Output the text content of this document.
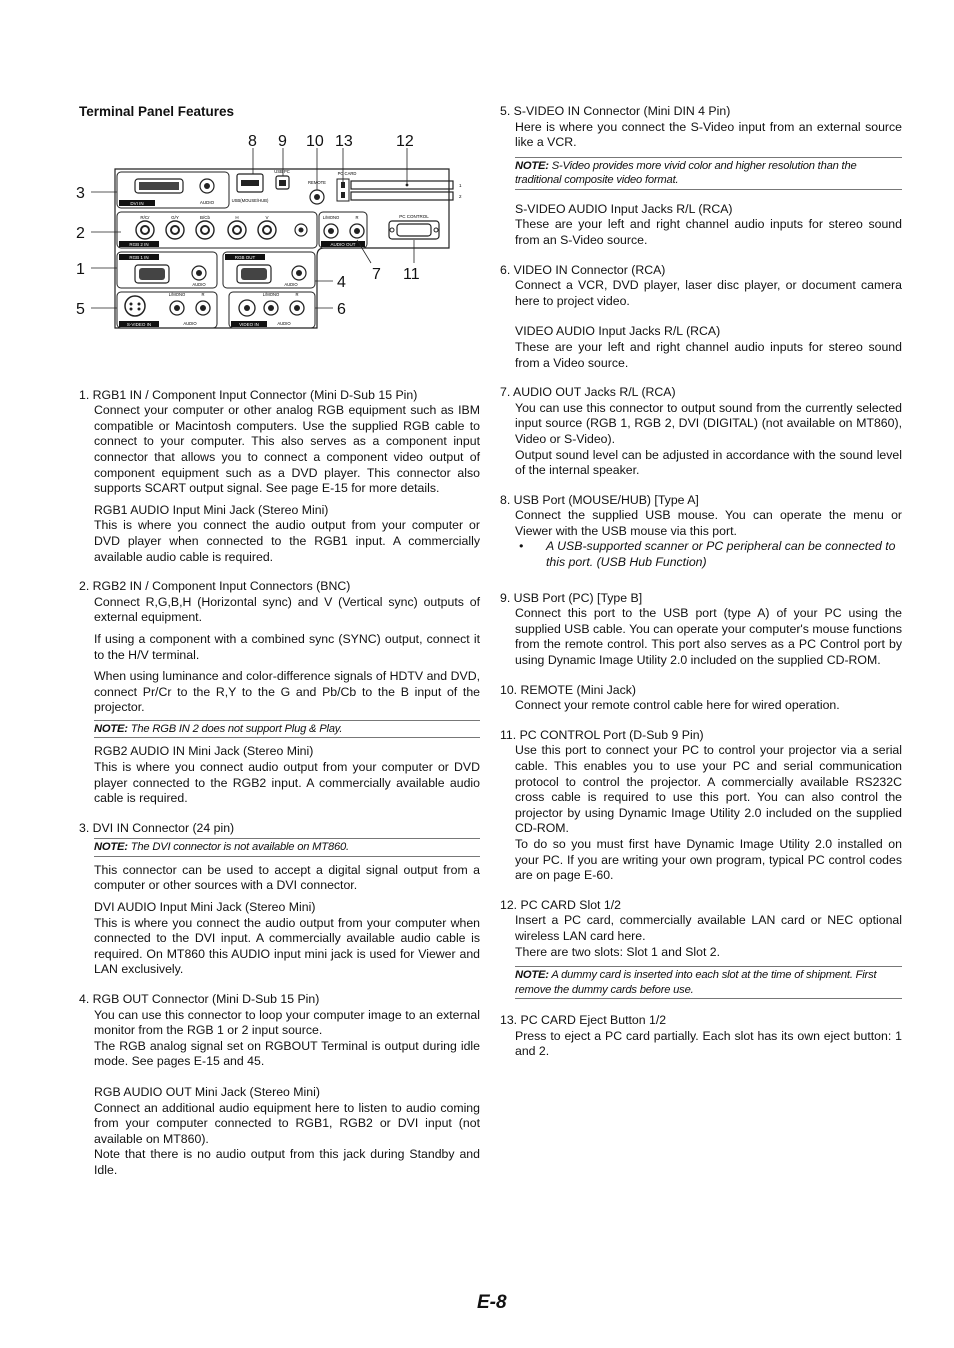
Terminal Panel Features
1. RGB1 IN / Component Input Connector (Mini D-Sub 15 Pin)
Connect your computer or other analog RGB equipment such as IBM compatible or Macintosh computers. Use the supplied RGB cable to connect to your computer. This also serves as a component input connector that allows you to connect a component video output of component equipment such as a DVD player. This connector also supports SCART output signal. See page E-15 for more details.
RGB1 AUDIO Input Mini Jack (Stereo Mini)
This is where you connect the audio output from your computer or DVD player when connected to the RGB1 input. A commercially available audio cable is required.
2. RGB2 IN / Component Input Connectors (BNC)
Connect R,G,B,H (Horizontal sync) and V (Vertical sync) outputs of external equipment.
If using a component with a combined sync (SYNC) output, connect it to the H/V terminal.
When using luminance and color-difference signals of HDTV and DVD, connect Pr/Cr to the R,Y to the G and Pb/Cb to the B input of the projector.
NOTE: The RGB IN 2 does not support Plug & Play.
RGB2 AUDIO IN Mini Jack (Stereo Mini)
This is where you connect audio output from your computer or DVD player connected to the RGB2 input. A commercially available audio cable is required.
3. DVI IN Connector (24 pin)
NOTE: The DVI connector is not available on MT860.
This connector can be used to accept a digital signal output from a computer or other sources with a DVI connector.
DVI AUDIO Input Mini Jack (Stereo Mini)
This is where you connect the audio output from your computer when connected to the DVI input. A commercially available audio cable is required. On MT860 this AUDIO input mini jack is used for Viewer and LAN exclusively.
4. RGB OUT Connector (Mini D-Sub 15 Pin)
You can use this connector to loop your computer image to an external monitor from the RGB 1 or 2 input source.
The RGB analog signal set on RGBOUT Terminal is output during idle mode. See pages E-15 and 45.
RGB AUDIO OUT Mini Jack (Stereo Mini)
Connect an additional audio equipment here to listen to audio coming from your computer connected to RGB1, RGB2 or DVI input (not available on MT860).
Note that there is no audio output from this jack during Standby and Idle.
DVI IN	AUDIO	USB(MOUSE/HUB)
USB PC
REMOTE
PC CARD
1
2
R/Cr	G/Y	B/Cb	H	V
RGB 2 IN
L/MONO	R
AUDIO OUT
PC CONTROL
RGB 1 IN
AUDIO
RGB OUT
AUDIO
S-VIDEO IN
L/MONO	R
AUDIO	VIDEO IN
L/MONO	R
AUDIO
8 9 10 13	12
3
2
1
5
4 7 11
6
5. S-VIDEO IN Connector (Mini DIN 4 Pin)
Here is where you connect the S-Video input from an external source like a VCR.
NOTE: S-Video provides more vivid color and higher resolution than the traditional composite video format.
S-VIDEO AUDIO Input Jacks R/L (RCA)
These are your left and right channel audio inputs for stereo sound from an S-Video source.
6. VIDEO IN Connector (RCA)
Connect a VCR, DVD player, laser disc player, or document camera here to project video.
VIDEO AUDIO Input Jacks R/L (RCA)
These are your left and right channel audio inputs for stereo sound from a Video source.
7. AUDIO OUT Jacks R/L (RCA)
You can use this connector to output sound from the currently selected input source (RGB 1, RGB 2, DVI (DIGITAL) (not available on MT860), Video or S-Video).
Output sound level can be adjusted in accordance with the sound level of the internal speaker.
8. USB Port (MOUSE/HUB) [Type A]
Connect the supplied USB mouse. You can operate the menu or Viewer with the USB mouse via this port.
•	A USB-supported scanner or PC peripheral can be connected to this port. (USB Hub Function)
9. USB Port (PC) [Type B]
Connect this port to the USB port (type A) of your PC using the supplied USB cable. You can operate your computer's mouse functions from the remote control. This port also serves as a PC Control port by using Dynamic Image Utility 2.0 included on the supplied CD-ROM.
10. REMOTE (Mini Jack)
Connect your remote control cable here for wired operation.
11. PC CONTROL Port (D-Sub 9 Pin)
Use this port to connect your PC to control your projector via a serial cable. This enables you to use your PC and serial communication protocol to control the projector. A commercially available RS232C cross cable is required to use this port. You can also control the projector by using Dynamic Image Utility 2.0 included on the supplied CD-ROM.
To do so you must first have Dynamic Image Utility 2.0 installed on your PC. If you are writing your own program, typical PC control codes are on page E-60.
12. PC CARD Slot 1/2
Insert a PC card, commercially available LAN card or NEC optional wireless LAN card here.
There are two slots: Slot 1 and Slot 2.
NOTE: A dummy card is inserted into each slot at the time of shipment. First remove the dummy cards before use.
13. PC CARD Eject Button 1/2
Press to eject a PC card partially. Each slot has its own eject button: 1 and 2.
E-8
